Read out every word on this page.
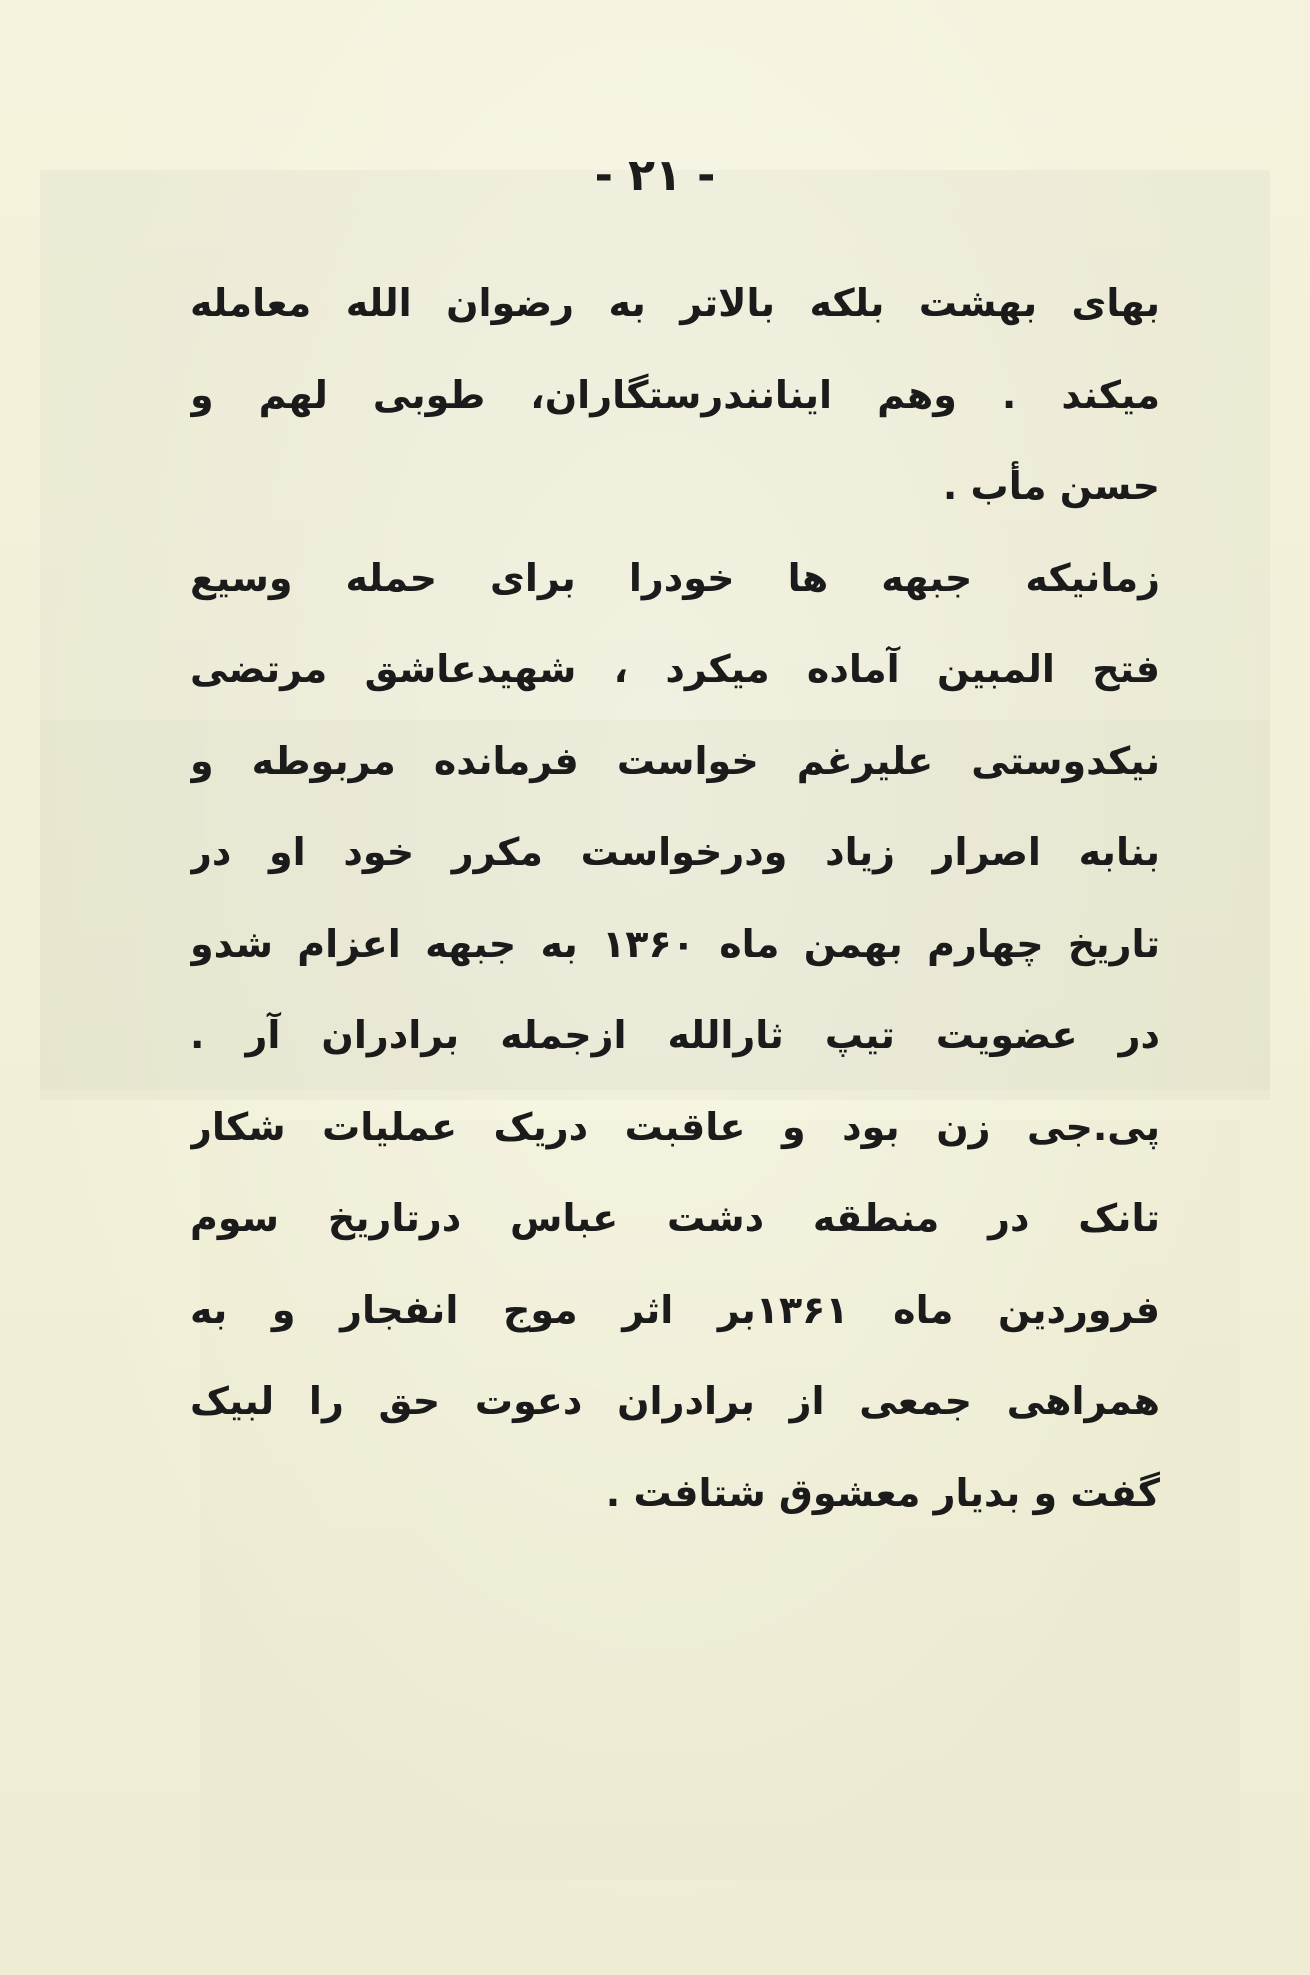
- ۲۱ -
بهای بهشت بلکه بالاتر به رضوان الله معامله
میکند . وهم اینانندرستگاران، طوبی لهم و
حسن مأب .
زمانیکه جبهه ها خودرا برای حمله وسیع
فتح المبین آماده میکرد ، شهیدعاشق مرتضی
نیکدوستی علیرغم خواست فرمانده مربوطه و
بنابه اصرار زیاد ودرخواست مکرر خود او در
تاریخ چهارم بهمن ماه ۱۳۶۰ به جبهه اعزام شدو
در عضویت تیپ ثارالله ازجمله برادران آر .
پی.جی زن بود و عاقبت دریک عملیات شکار
تانک در منطقه دشت عباس درتاریخ سوم
فروردین ماه ۱۳۶۱بر اثر موج انفجار و به
همراهی جمعی از برادران دعوت حق را لبیک
گفت و بدیار معشوق شتافت .
